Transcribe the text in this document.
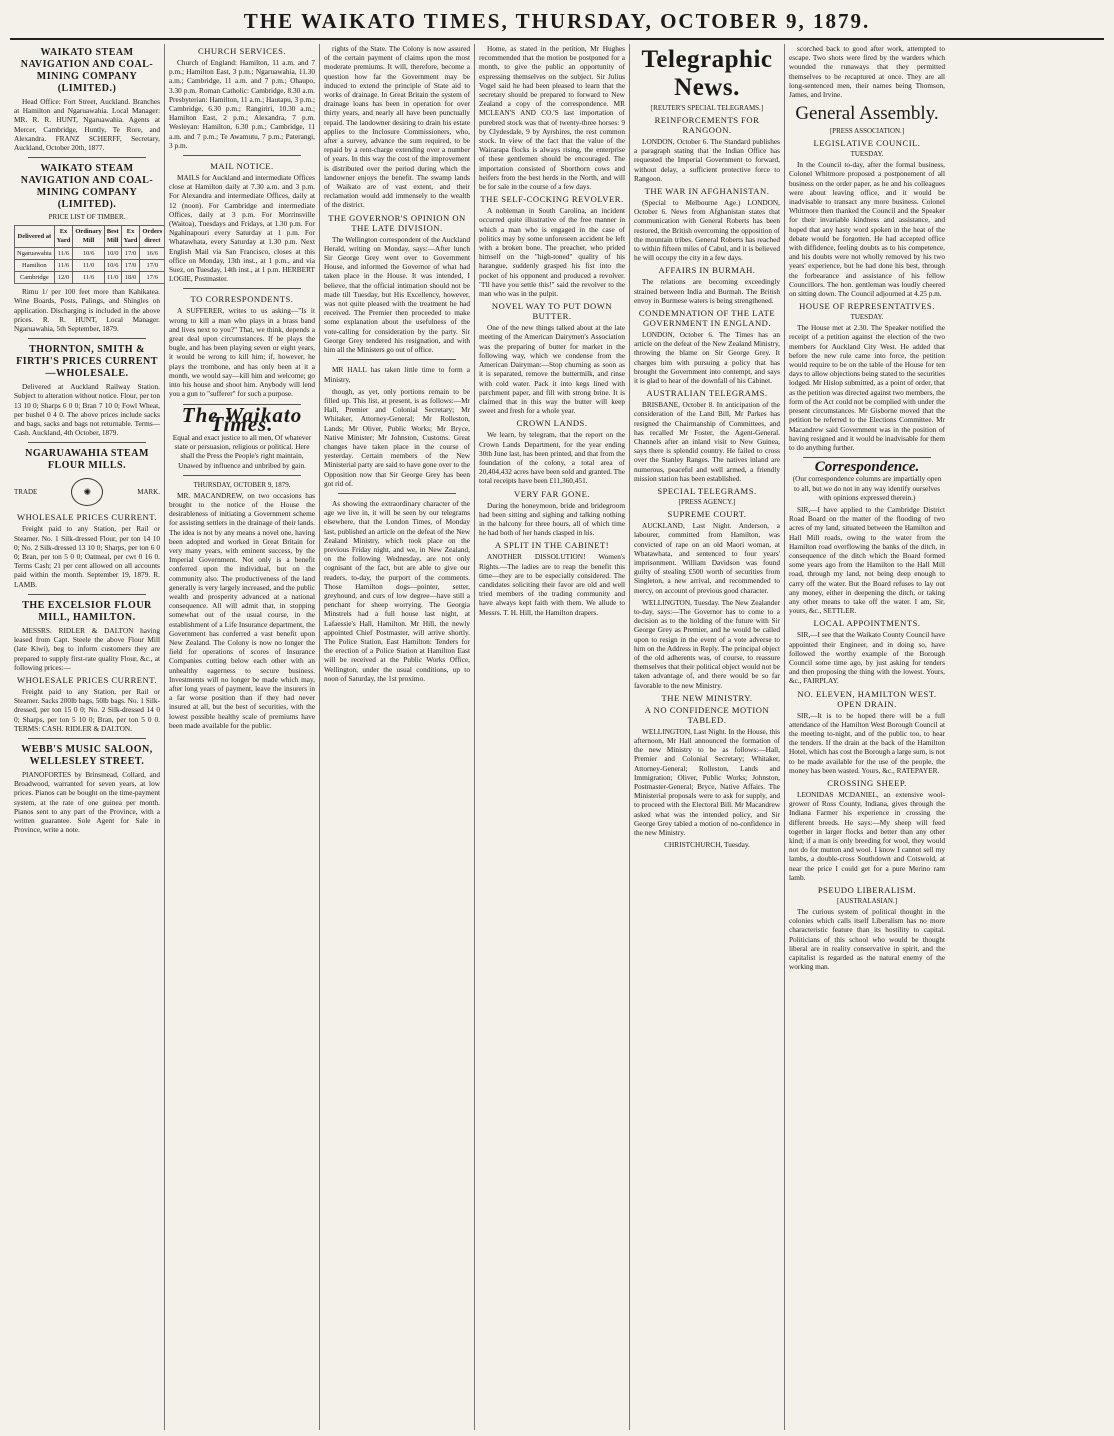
THE WAIKATO TIMES, THURSDAY, OCTOBER 9, 1879.
WAIKATO STEAM NAVIGATION AND COAL-MINING COMPANY (LIMITED.)

Head Office: Fort Street, Auckland. Branches at Hamilton and Ngaruawahia. Local Manager: MR. R. R. HUNT, Ngaruawahia. Agents at Mercer, Cambridge, Huntly, Te Rore, and Alexandra. FRANZ SCHERFF, Secretary, Auckland, October 20th, 1877.

WAIKATO STEAM NAVIGATION AND COAL-MINING COMPANY (LIMITED).
PRICE LIST OF TIMBER.
Delivered at	Ex Yard	Ordinary Mill	Best Mill	Ex Yard	Orders direct
Ngaruawahia	11/6	10/6	10/0	17/0	16/6
Hamilton	11/6	11/0	10/6	17/0	17/0
Cambridge	12/0	11/6	11/0	18/0	17/6

Rimu 1/ per 100 feet more than Kahikatea. Wine Boards, Posts, Palings, and Shingles on application. Discharging is included in the above prices. R. R. HUNT, Local Manager. Ngaruawahia, 5th September, 1879.

THORNTON, SMITH & FIRTH'S PRICES CURRENT—WHOLESALE.

Delivered at Auckland Railway Station. Subject to alteration without notice. Flour, per ton 13 10 0; Sharps 6 0 0; Bran 7 10 0; Fowl Wheat, per bushel 0 4 0. The above prices include sacks and bags, sacks and bags not returnable. Terms—Cash. Auckland, 4th October, 1879.

NGARUAWAHIA STEAM FLOUR MILLS.
TRADE	✺	MARK.
WHOLESALE PRICES CURRENT.

Freight paid to any Station, per Rail or Steamer. No. 1 Silk-dressed Flour, per ton 14 10 0; No. 2 Silk-dressed 13 10 0; Sharps, per ton 6 0 0; Bran, per ton 5 0 0; Oatmeal, per cwt 0 16 0. Terms Cash; 21 per cent allowed on all accounts paid within the month. September 19, 1879. R. LAMB.

THE EXCELSIOR FLOUR MILL, HAMILTON.

MESSRS. RIDLER & DALTON having leased from Capt. Steele the above Flour Mill (late Kiwi), beg to inform customers they are prepared to supply first-rate quality Flour, &c., at following prices:—

WHOLESALE PRICES CURRENT.

Freight paid to any Station, per Rail or Steamer. Sacks 200lb bags, 50lb bags. No. 1 Silk-dressed, per ton 15 0 0; No. 2 Silk-dressed 14 0 0; Sharps, per ton 5 10 0; Bran, per ton 5 0 0. TERMS: CASH. RIDLER & DALTON.

WEBB'S MUSIC SALOON, WELLESLEY STREET.

PIANOFORTES by Brinsmead, Collard, and Broadwood, warranted for seven years, at low prices. Pianos can be bought on the time-payment system, at the rate of one guinea per month. Pianos sent to any part of the Province, with a written guarantee. Sole Agent for Sale in Province, write a note.

CHURCH SERVICES.

Church of England: Hamilton, 11 a.m. and 7 p.m.; Hamilton East, 3 p.m.; Ngaruawahia, 11.30 a.m.; Cambridge, 11 a.m. and 7 p.m.; Ohaupo, 3.30 p.m. Roman Catholic: Cambridge, 8.30 a.m. Presbyterian: Hamilton, 11 a.m.; Hautapu, 3 p.m.; Cambridge, 6.30 p.m.; Rangiriri, 10.30 a.m.; Hamilton East, 2 p.m.; Alexandra, 7 p.m. Wesleyan: Hamilton, 6.30 p.m.; Cambridge, 11 a.m. and 7 p.m.; Te Awamutu, 7 p.m.; Paterangi, 3 p.m.

MAIL NOTICE.

MAILS for Auckland and intermediate Offices close at Hamilton daily at 7.30 a.m. and 3 p.m. For Alexandra and intermediate Offices, daily at 12 (noon). For Cambridge and intermediate Offices, daily at 3 p.m. For Morrinsville (Waitoa), Tuesdays and Fridays, at 1.30 p.m. For Ngahinapouri every Saturday at 1 p.m. For Whatawhata, every Saturday at 1.30 p.m. Next English Mail via San Francisco, closes at this office on Monday, 13th inst., at 1 p.m., and via Suez, on Tuesday, 14th inst., at 1 p.m. HERBERT LOGIE, Postmaster.

TO CORRESPONDENTS.

A SUFFERER, writes to us asking—"Is it wrong to kill a man who plays in a brass band and lives next to you?" That, we think, depends a great deal upon circumstances. If he plays the bugle, and has been playing seven or eight years, it would be wrong to kill him; if, however, he plays the trombone, and has only been at it a month, we would say—kill him and welcome; go into his house and shoot him. Anybody will lend you a gun to "sufferer" for such a purpose.

The Waikato Times.

Equal and exact justice to all men, Of whatever state or persuasion, religious or political. Here shall the Press the People's right maintain, Unawed by influence and unbribed by gain.

THURSDAY, OCTOBER 9, 1879.

MR. MACANDREW, on two occasions has brought to the notice of the House the desirableness of initiating a Government scheme for assisting settlers in the drainage of their lands. The idea is not by any means a novel one, having been adopted and worked in Great Britain for very many years, with eminent success, by the Imperial Government. Not only is a benefit conferred upon the individual, but on the community also. The productiveness of the land generally is very largely increased, and the public wealth and prosperity advanced at a national consequence. All will admit that, in stopping somewhat out of the usual course, in the establishment of a Life Insurance department, the Government has conferred a vast benefit upon New Zealand. The Colony is now no longer the field for operations of scores of Insurance Companies cutting below each other with an unhealthy eagerness to secure business. Investments will no longer be made which may, after long years of payment, leave the insurers in a far worse position than if they had never insured at all, but the best of securities, with the lowest possible healthy scale of premiums have been made available for the public.

rights of the State. The Colony is now assured of the certain payment of claims upon the most moderate premiums. It will, therefore, become a question how far the Government may be induced to extend the principle of State aid to works of drainage. In Great Britain the system of drainage loans has been in operation for over thirty years, and nearly all have been punctually repaid. The landowner desiring to drain his estate applies to the Inclosure Commissioners, who, after a survey, advance the sum required, to be repaid by a rent-charge extending over a number of years. In this way the cost of the improvement is distributed over the period during which the landowner enjoys the benefit. The swamp lands of Waikato are of vast extent, and their reclamation would add immensely to the wealth of the district.

THE GOVERNOR'S OPINION ON THE LATE DIVISION.

The Wellington correspondent of the Auckland Herald, writing on Monday, says:—After lunch Sir George Grey went over to Government House, and informed the Governor of what had taken place in the House. It was intended, I believe, that the official intimation should not be made till Tuesday, but His Excellency, however, was not quite pleased with the treatment he had received. The Premier then proceeded to make some explanation about the usefulness of the vote-calling for consideration by the party. Sir George Grey tendered his resignation, and with him all the Ministers go out of office.

MR HALL has taken little time to form a Ministry,

though, as yet, only portions remain to be filled up. This list, at present, is as follows:—Mr Hall, Premier and Colonial Secretary; Mr Whitaker, Attorney-General; Mr Rolleston, Lands; Mr Oliver, Public Works; Mr Bryce, Native Minister; Mr Johnston, Customs. Great changes have taken place in the course of yesterday. Certain members of the New Ministerial party are said to have gone over to the Opposition now that Sir George Grey has been got rid of.

As showing the extraordinary character of the age we live in, it will be seen by our telegrams elsewhere, that the London Times, of Monday last, published an article on the defeat of the New Zealand Ministry, which took place on the previous Friday night, and we, in New Zealand, on the following Wednesday, are not only cognisant of the fact, but are able to give our readers, to-day, the purport of the comments. Those Hamilton dogs—pointer, setter, greyhound, and curs of low degree—have still a penchant for sheep worrying. The Georgia Minstrels had a full house last night, at Lafaessie's Hall, Hamilton. Mr Hill, the newly appointed Chief Postmaster, will arrive shortly. The Police Station, East Hamilton: Tenders for the erection of a Police Station at Hamilton East will be received at the Public Works Office, Wellington, under the usual conditions, up to noon of Saturday, the 1st proximo.

Home, as stated in the petition, Mr Hughes recommended that the motion be postponed for a month, to give the public an opportunity of expressing themselves on the subject. Sir Julius Vogel said he had been pleased to learn that the secretary should be prepared to forward to New Zealand a copy of the correspondence. MR MCLEAN'S AND CO.'S last importation of purebred stock was that of twenty-three horses: 9 by Clydesdale, 9 by Ayrshires, the rest common stock. In view of the fact that the value of the Wairarapa flocks is always rising, the enterprise of these gentlemen should be encouraged. The importation consisted of Shorthorn cows and heifers from the best herds in the North, and will be for sale in the course of a few days.

THE SELF-COCKING REVOLVER.

A nobleman in South Carolina, an incident occurred quite illustrative of the free manner in which a man who is engaged in the case of politics may by some unforeseen accident be left with a broken bone. The preacher, who prided himself on the "high-toned" quality of his harangue, suddenly grasped his fist into the pocket of his opponent and produced a revolver. "I'll have you settle this!" said the revolver to the man who was in the pulpit.

NOVEL WAY TO PUT DOWN BUTTER.

One of the new things talked about at the late meeting of the American Dairymen's Association was the preparing of butter for market in the following way, which we condense from the American Dairyman:—Stop churning as soon as it is separated, remove the buttermilk, and rinse with cold water. Pack it into kegs lined with parchment paper, and fill with strong brine. It is claimed that in this way the butter will keep sweet and fresh for a whole year.

CROWN LANDS.

We learn, by telegram, that the report on the Crown Lands Department, for the year ending 30th June last, has been printed, and that from the foundation of the colony, a total area of 20,404,432 acres have been sold and granted. The total receipts have been £11,360,451.

VERY FAR GONE.

During the honeymoon, bride and bridegroom had been sitting and sighing and talking nothing in the balcony for three hours, all of which time he had both of her hands clasped in his.

A SPLIT IN THE CABINET!

ANOTHER DISSOLUTION! Women's Rights.—The ladies are to reap the benefit this time—they are to be especially considered. The candidates soliciting their favor are old and well tried members of the trading community and have always kept faith with them. We allude to Messrs. T. H. Hill, the Hamilton drapers.

Telegraphic News.
[REUTER'S SPECIAL TELEGRAMS.]
REINFORCEMENTS FOR RANGOON.

LONDON, October 6. The Standard publishes a paragraph stating that the Indian Office has requested the Imperial Government to forward, without delay, a sufficient protective force to Rangoon.

THE WAR IN AFGHANISTAN.

(Special to Melbourne Age.) LONDON, October 6. News from Afghanistan states that communication with General Roberts has been restored, the British overcoming the opposition of the mountain tribes. General Roberts has reached to within fifteen miles of Cabul, and it is believed he will occupy the city in a few days.

AFFAIRS IN BURMAH.

The relations are becoming exceedingly strained between India and Burmah. The British envoy in Burmese waters is being strengthened.

CONDEMNATION OF THE LATE GOVERNMENT IN ENGLAND.

LONDON, October 6. The Times has an article on the defeat of the New Zealand Ministry, throwing the blame on Sir George Grey. It charges him with pursuing a policy that has brought the Government into contempt, and says it is glad to hear of the downfall of his Cabinet.

AUSTRALIAN TELEGRAMS.

BRISBANE, October 8. In anticipation of the consideration of the Land Bill, Mr Parkes has resigned the Chairmanship of Committees, and has recalled Mr Foster, the Agent-General. Channels after an inland visit to New Guinea, says there is splendid country. He failed to cross over the Stanley Ranges. The natives inland are numerous, peaceful and well armed, a friendly mission station has been established.

SPECIAL TELEGRAMS.
[PRESS AGENCY.]
SUPREME COURT.

AUCKLAND, Last Night. Anderson, a labourer, committed from Hamilton, was convicted of rape on an old Maori woman, at Whatawhata, and sentenced to four years' imprisonment. William Davidson was found guilty of stealing £500 worth of securities from Singleton, a new arrival, and recommended to mercy, on account of previous good character.

WELLINGTON, Tuesday. The New Zealander to-day, says:—The Governor has to come to a decision as to the holding of the future with Sir George Grey as Premier, and he would be called upon to resign in the event of a vote adverse to him on the Address in Reply. The principal object of the old adherents was, of course, to reassure themselves that their political object would not be taken advantage of, and there would be so far favorable to the new Ministry.

THE NEW MINISTRY.
A NO CONFIDENCE MOTION TABLED.

WELLINGTON, Last Night. In the House, this afternoon, Mr Hall announced the formation of the new Ministry to be as follows:—Hall, Premier and Colonial Secretary; Whitaker, Attorney-General; Rolleston, Lands and Immigration; Oliver, Public Works; Johnston, Postmaster-General; Bryce, Native Affairs. The Ministerial proposals were to ask for supply, and to proceed with the Electoral Bill. Mr Macandrew asked what was the intended policy, and Sir George Grey tabled a motion of no-confidence in the new Ministry.

CHRISTCHURCH, Tuesday.

scorched back to good after work, attempted to escape. Two shots were fired by the warders which wounded the runaways that they permitted themselves to be recaptured at once. They are all long-sentenced men, their names being Thomson, James, and Irvine.

General Assembly.
[PRESS ASSOCIATION.]
LEGISLATIVE COUNCIL.
TUESDAY.

In the Council to-day, after the formal business, Colonel Whitmore proposed a postponement of all business on the order paper, as he and his colleagues were about leaving office, and it would be inadvisable to transact any more business. Colonel Whitmore then thanked the Council and the Speaker for their invariable kindness and assistance, and hoped that any hasty word spoken in the heat of the debate would be forgotten. He had accepted office with diffidence, feeling doubts as to his competence, and his doubts were not wholly removed by his two years' experience, but he had done his best, through the forbearance and assistance of his fellow Councillors. The hon. gentleman was loudly cheered on sitting down. The Council adjourned at 4.25 p.m.

HOUSE OF REPRESENTATIVES.
TUESDAY.

The House met at 2.30. The Speaker notified the receipt of a petition against the election of the two members for Auckland City West. He added that before the new rule came into force, the petition would require to be on the table of the House for ten days to allow objections being stated to the securities lodged. Mr Hislop submitted, as a point of order, that as the petition was directed against two members, the form of the Act could not be complied with under the present circumstances. Mr Gisborne moved that the petition be referred to the Elections Committee. Mr Macandrew said Government was in the position of having resigned and it would be inadvisable for them to do anything further.

Correspondence.

(Our correspondence columns are impartially open to all, but we do not in any way identify ourselves with opinions expressed therein.)

SIR,—I have applied to the Cambridge District Road Board on the matter of the flooding of two acres of my land, situated between the Hamilton and Hall Mill roads, owing to the water from the Hamilton road overflowing the banks of the ditch, in consequence of the ditch which the Board formed some years ago from the Hamilton to the Hall Mill road, through my land, not being deep enough to carry off the water. But the Board refuses to lay out any money, either in deepening the ditch, or taking any other means to take off the water. I am, Sir, yours, &c., SETTLER.

LOCAL APPOINTMENTS.

SIR,—I see that the Waikato County Council have appointed their Engineer, and in doing so, have followed the worthy example of the Borough Council some time ago, by just asking for tenders and then proposing the thing with the lowest. Yours, &c., FAIRPLAY.

NO. ELEVEN, HAMILTON WEST. OPEN DRAIN.

SIR,—It is to be hoped there will be a full attendance of the Hamilton West Borough Council at the meeting to-night, and of the public too, to hear the tenders. If the drain at the back of the Hamilton Hotel, which has cost the Borough a large sum, is not to be made available for the use of the people, the money has been wasted. Yours, &c., RATEPAYER.

CROSSING SHEEP.

LEONIDAS MCDANIEL, an extensive wool-grower of Ross County, Indiana, gives through the Indiana Farmer his experience in crossing the different breeds. He says:—My sheep will feed together in larger flocks and better than any other kind; if a man is only breeding for wool, they would not do for mutton and wool. I know I cannot sell my lambs, a double-cross Southdown and Cotswold, at near the price I could get for a pure Merino ram lamb.

PSEUDO LIBERALISM.
[AUSTRALASIAN.]

The curious system of political thought in the colonies which calls itself Liberalism has no more characteristic feature than its hostility to capital. Politicians of this school who would be thought liberal are in reality conservative in spirit, and the capitalist is regarded as the natural enemy of the working man.
